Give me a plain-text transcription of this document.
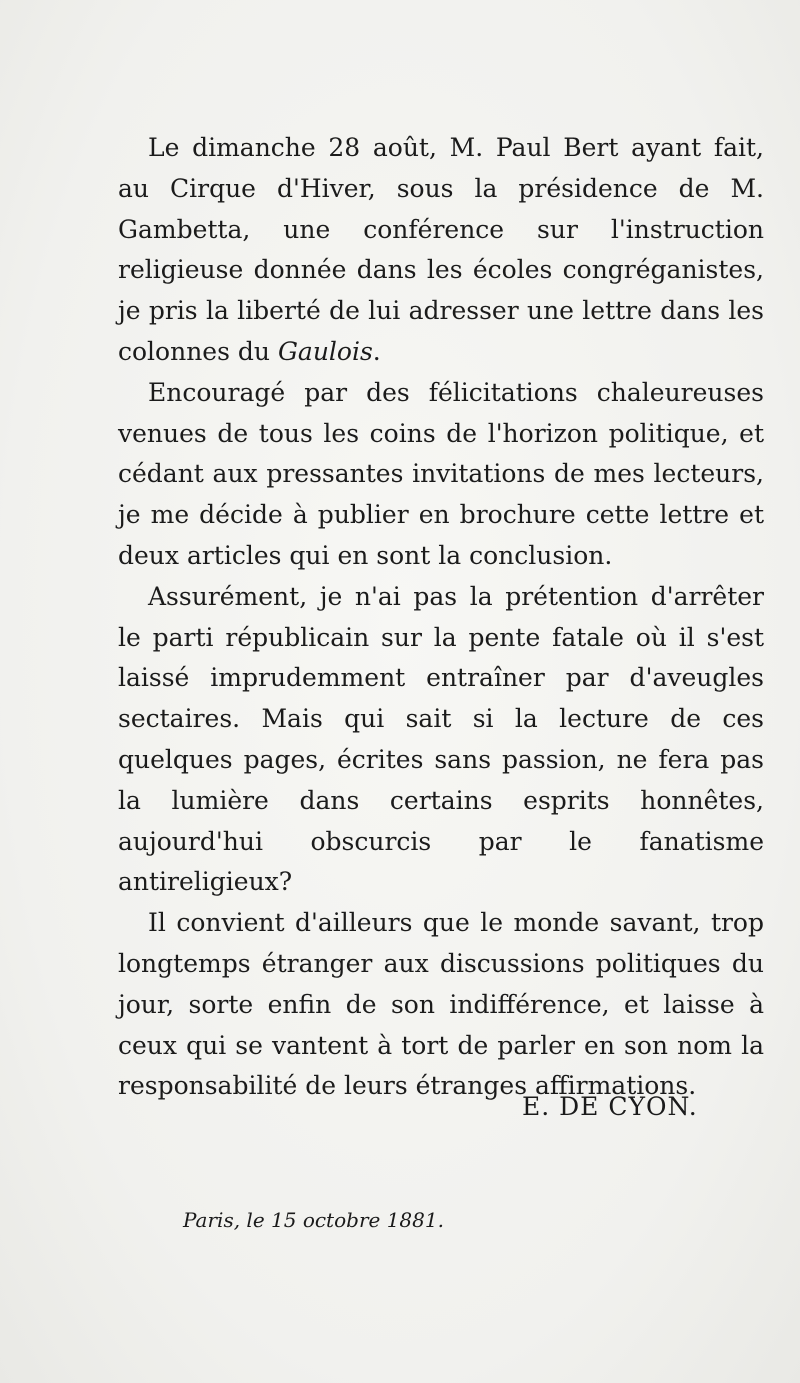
Le dimanche 28 août, M. Paul Bert ayant fait, au Cirque d'Hiver, sous la présidence de M. Gambetta, une conférence sur l'instruction religieuse donnée dans les écoles congréganistes, je pris la liberté de lui adresser une lettre dans les colonnes du Gaulois.

Encouragé par des félicitations chaleureuses venues de tous les coins de l'horizon politique, et cédant aux pressantes invitations de mes lecteurs, je me décide à publier en brochure cette lettre et deux articles qui en sont la conclusion.

Assurément, je n'ai pas la prétention d'arrêter le parti républicain sur la pente fatale où il s'est laissé imprudemment entraîner par d'aveugles sectaires. Mais qui sait si la lecture de ces quelques pages, écrites sans passion, ne fera pas la lumière dans certains esprits honnêtes, aujourd'hui obscurcis par le fanatisme antireligieux?

Il convient d'ailleurs que le monde savant, trop longtemps étranger aux discussions politiques du jour, sorte enfin de son indifférence, et laisse à ceux qui se vantent à tort de parler en son nom la responsabilité de leurs étranges affirmations.

E. DE CYON.
Paris, le 15 octobre 1881.
